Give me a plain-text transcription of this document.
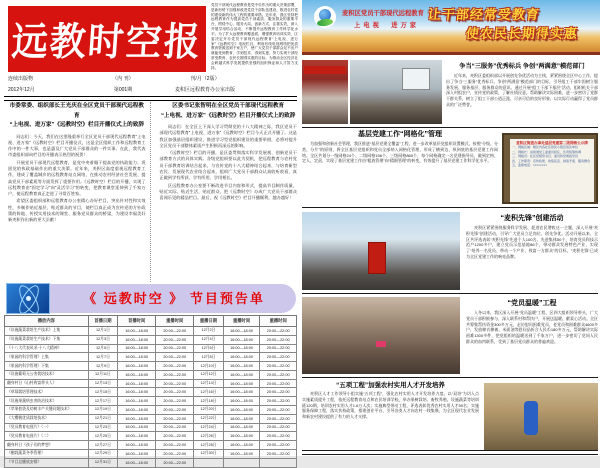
远教时空报
党员干部现代远程教育是党中央作出的重大决策部署，是新形势下加强和改进党员干部队伍建设、推进农村党的建设新的伟大工程的重要举措。近年来，我区坚持把远程教育作为提高党员干部素质、服务群众的重要平台，围绕中心、服务大局，创新方式、注重实效，深入开展学用结合活动，不断提升远程教育工作科学化水平。为了扩大远程教育覆盖面，增强教育培训实效，区委决定开办党员干部现代远程教育“上电视、进万家”《远教时空》电视栏目，利用有线电视网络把优质教育资源送到千家万户，使广大党员干部群众足不出户就能受到教育、学到技术、得到实惠，努力实现干部经常受教育、农民长期得实惠的目标，为推动全区经济社会跨越式科学发展提供坚强的组织保证和人才智力支持。
连续出版物	（内 刊）	刊/月（2版）
2012年12月	第001期	麦积区远程教育办公室出版
市委常委、组织部长王光庆在全区党员干部现代远程教育
“上电视、进万家”《远教时空》栏目开播仪式上的致辞

同志们：今天，我们在这里隆重举行全区党员干部现代远程教育“上电视、进万家”《远教时空》栏目开播仪式，这是全区组织工作和远程教育工作中的一件大事，也是惠及广大党员干部群众的一件实事。在此，我代表市委组织部向栏目的开播表示热烈的祝贺！

开展党员干部现代远程教育，是党中央着眼于提高党的执政能力、巩固党的执政基础作出的重大决策。近年来，麦积区高度重视远程教育工作，建成了覆盖城乡的远程教育站点网络，在推动农村经济社会发展、提高党员干部素质等方面发挥了重要作用。《远教时空》栏目的开播，实现了远程教育由“固定学习”向“灵活学习”的转变，把教育课堂延伸到了千家万户，使远程教育真正走进了寻常百姓家。

希望区委组织部和远程教育办公室精心办好栏目，突出针对性和实效性，多制作贴近基层、贴近群众的节目，使栏目真正成为宣传党的方针政策的阵地、传授实用技术的课堂、服务党员群众的桥梁，为建设幸福美好新麦积作出新的更大贡献！

区委书记张智明在全区党员干部现代远程教育
“上电视、进万家”《远教时空》栏目开播仪式上的致辞

同志们：在全区上下深入学习贯彻党的十八大精神之际，我区党员干部现代远程教育“上电视、进万家”《远教时空》栏目今天正式开播了。这是我区加强基层组织建设、推进学习型党组织建设的重要举措，必将对提升全区党员干部整体素质产生积极而深远的影响。

《远教时空》栏目的开播，是区委贯彻落实科学发展观、创新党员干部教育方式的具体实践。各级党组织要以此为契机，把远程教育与农村党员干部教育培训结合起来，与宣传党的十八大精神结合起来，与培育新型农民、发展现代农业结合起来，组织广大党员干部群众认真收听收看，真正做到学有所获、学有所用、学用相长。

区远程教育办公室要不断改进节目内容和形式，提高节目制作质量，贴近实际、贴近生活、贴近群众，把《远教时空》办成广大党员干部群众喜闻乐见的精品栏目。最后，祝《远教时空》栏目开播顺利，越办越好！

《 远教时空 》 节目预告单
播放内容	首播日期	首播时间	重播时间	重播日期	重播时间	重播时间
《设施蔬菜栽培生产技术》上集	12月1日	16:00—18:00	20:00—22:00	12月2日	16:00—18:00	20:00—22:00
《设施蔬菜栽培生产技术》下集	12月3日	16:00—18:00	20:00—22:00	12月4日	16:00—18:00	20:00—22:00
《十八大代表风采·十八大精神》	12月5日	16:00—18:00	20:00—22:00	12月6日	16:00—18:00	20:00—22:00
《果园的科学管理》上集	12月7日	16:00—18:00	20:00—22:00	12月8日	16:00—18:00	20:00—22:00
《果园的科学管理》下集	12月9日	16:00—18:00	20:00—22:00	12月10日	16:00—18:00	20:00—22:00
《设施葡萄无公害栽培技术》	12月11日	16:00—18:00	20:00—22:00	12月12日	16:00—18:00	20:00—22:00
翻身村日《山村致富带头人》	12月13日	16:00—18:00	20:00—22:00	12月14日	16:00—18:00	20:00—22:00
《草莓栽培管理技术》	12月15日	16:00—18:00	20:00—22:00	12月16日	16:00—18:00	20:00—22:00
《设施果蔬病虫害防治技术》	12月17日	16:00—18:00	20:00—22:00	12月18日	16:00—18:00	20:00—22:00
《苹果套袋及幼树丰产关键问题技术》	12月19日	16:00—18:00	20:00—22:00	12月20日	16:00—18:00	20:00—22:00
《大樱桃优质栽培技术》	12月21日	16:00—18:00	20:00—22:00	12月22日	16:00—18:00	20:00—22:00
《党员教育电视片》（一）	12月23日	16:00—18:00	20:00—22:00	12月24日	16:00—18:00	20:00—22:00
《党员教育电视片》（二）	12月25日	16:00—18:00	20:00—22:00	12月26日	16:00—18:00	20:00—22:00
翻身村日《孩子们的梦想》	12月27日	16:00—18:00	20:00—22:00	12月28日	16:00—18:00	20:00—22:00
《棚栽蔬菜冬季管理》	12月29日	16:00—18:00	20:00—22:00	12月30日	16:00—18:00	20:00—22:00
《节目总播放安排》	12月31日	16:00—18:00	20:00—22:00			
麦积区党员干部现代远程教育
上电视　进万家
让干部经常受教育
使农民长期得实惠
争当“三服务”优秀标兵 争创“两满意”模范部门

近年来，麦积区委组织部以开展创先争优活动为主线，紧紧围绕全区中心工作，提出了争当“三服务”优秀标兵、争创“两满意”模范部门的目标，引导组工干部牢固树立服务发展、服务基层、服务群众的意识。通过开展“组工干部下基层”活动，组织机关干部深入村组农户，宣传党的政策，了解社情民意，帮助解决实际困难，进一步密切了党群干群关系，树立了组工干部公道正派、可亲可信的良好形象，以实际行动赢得了党员群众的广泛赞誉。

基层党建工作“网格化”管理

为加强和创新社会管理，我区推进“基层党建全覆盖”工程，进一步改革基层党组织设置模式，按照“分级、分类、分片”的原则，将全区基层党组织和党员全部纳入网格化管理，形成了横到边、纵到底的基层党建工作网络。全区共划分一级网格24个、二级网格156个、三级网格860个，每个网格确定一名党建指导员，做到定格、定人、定责，实现了基层党建工作由“粗放管理”向“精细管理”的转变，有效提升了基层党建工作科学化水平。

麦积区街道办事处基层党建第二级网格公示牌
一、网格区域：辖区内各社区居民小组及驻区单位
二、网格长：由街道党工委委员担任，负责统筹协调
三、网格员：社区党组织书记、委员和党建指导员
四、工作职责：宣传政策、收集民意、排查矛盾、服务群众
五、监督电话：××××××××
“麦积先锋”创建活动

麦积区紧紧围绕服务科学发展、促进农民增收这一主题，深入开展“麦积先锋”创建活动，引导广大党员立足岗位、创先争优。活动开展以来，全区共评选表彰“麦积先锋”先进个人100名、先进集体50个，培育党员科技示范户1200多户，建立党员示范基地86个，带动群众发展特色产业，实现了“培养一名党员、带动一个产业、致富一方群众”的目标，“麦积先锋”已成为全区党建工作的响亮品牌。

“党员温暖”工程

入冬以来，我区深入开展“党员温暖”工程，区四大组织领导带头，广大党员干部积极参与，深入联系村和帮扶户，开展送温暖、献爱心活动。全区共筹集帮扶资金300多万元，走访慰问困难党员、老党员和困难群众4600多户，发放棉衣棉被、米面油等慰问品折合人民币180多万元，帮助解决实际困难1300多件，把党组织的温暖送到了千家万户，进一步密切了党同人民群众的血肉联系，受到了基层党员群众的普遍欢迎。

“五项工程”加强农村实用人才开发培养

麦积区人才工作领导小组实施“五项工程”，强化农村实用人才开发培养力度。以“双培”为切入点实施素质提升工程，依托远程教育站点和农民培训学校，举办果树栽培、畜牧养殖、设施蔬菜等培训班120期，培训农村实用人才1.6万人次；实施典型带动工程，评选表彰优秀农村实用人才50名；实施服务保障工程，落实扶持政策，搭建创业平台，引导各类人才向农村一线集聚，为全区现代农业发展和新农村建设提供了有力的人才支撑。
